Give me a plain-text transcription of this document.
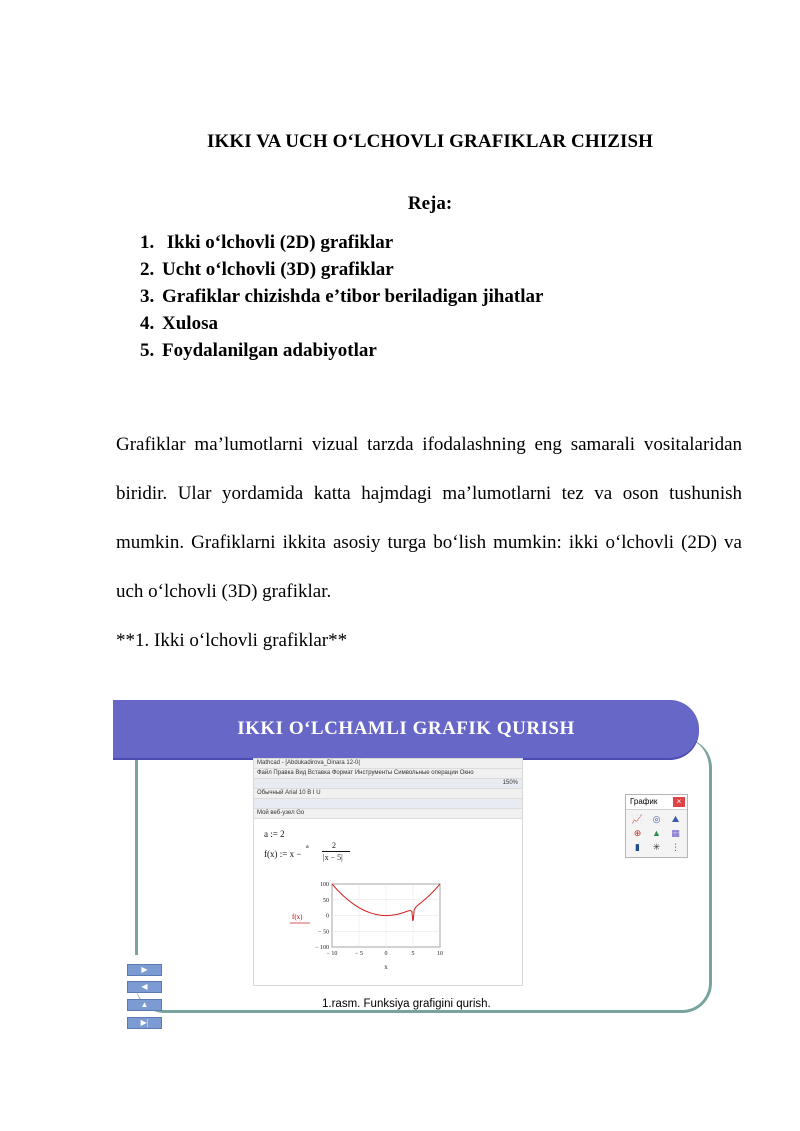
IKKI VA UCH O‘LCHOVLI GRAFIKLAR CHIZISH
Reja:
1. Ikki o‘lchovli (2D) grafiklar
2. Ucht o‘lchovli (3D) grafiklar
3. Grafiklar chizishda e’tibor beriladigan jihatlar
4. Xulosa
5. Foydalanilgan adabiyotlar

Grafiklar ma’lumotlarni vizual tarzda ifodalashning eng samarali vositalaridan biridir. Ular yordamida katta hajmdagi ma’lumotlarni tez va oson tushunish mumkin. Grafiklarni ikkita asosiy turga bo‘lish mumkin: ikki o‘lchovli (2D) va uch o‘lchovli (3D) grafiklar.

**1. Ikki o‘lchovli grafiklar**
IKKI O‘LCHAMLI GRAFIK QURISH
Mathcad - [Abdukadirova_Dinara 12-0(
Файл Правка Вид Вставка Формат Инструменты Символьные операции Окно
150%
Обычный Arial 10 B I U
Мой веб-узел Go
a := 2
f(x) := x −
a	2
|x − 5|
100
50
0
− 50
− 100
− 10	− 5	0	5	10
f(x)
x
График	×
📈	◎	⛰
⊕	▲	▦
▮	✳	⋮
▶
◀
▲
▶|
1.rasm. Funksiya grafigini qurish.
